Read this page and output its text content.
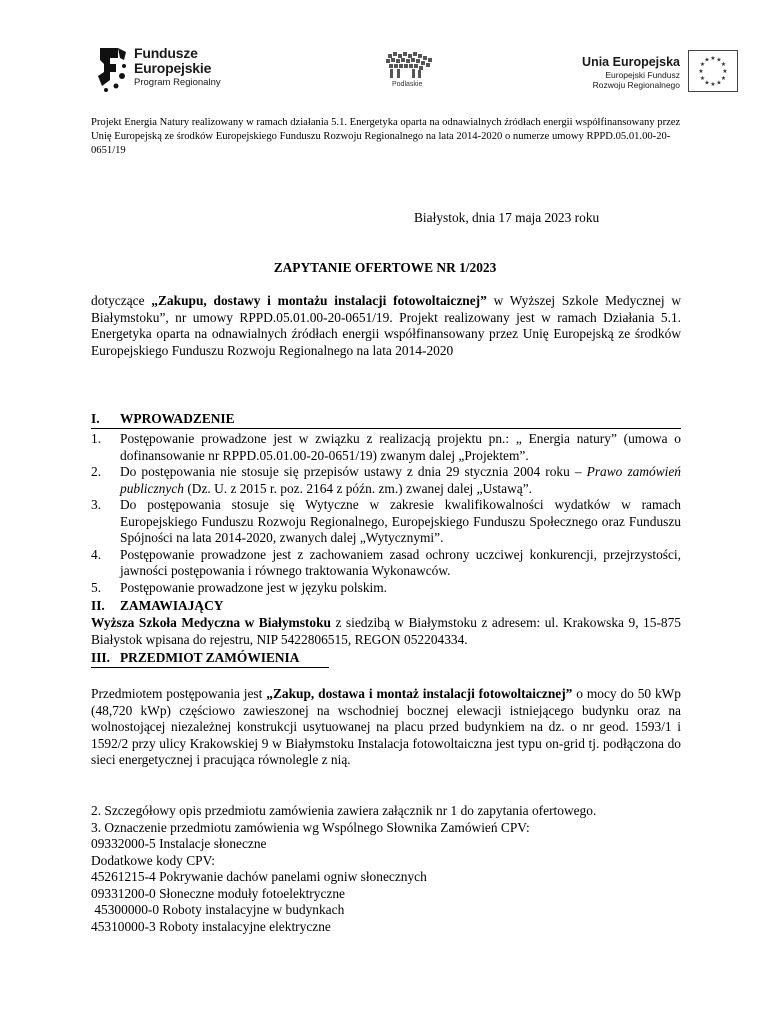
Fundusze
Europejskie
Program Regionalny	Podlaskie
Unia Europejska
Europejski Fundusz
Rozwoju Regionalnego
★ ★
★
★
★
★
★
★
★
★
★
★
Projekt Energia Natury realizowany w ramach działania 5.1. Energetyka oparta na odnawialnych źródłach energii współfinansowany przez Unię Europejską ze środków Europejskiego Funduszu Rozwoju Regionalnego na lata 2014-2020 o numerze umowy RPPD.05.01.00-20-0651/19
Białystok, dnia 17 maja 2023 roku
ZAPYTANIE OFERTOWE NR 1/2023
dotyczące „Zakupu, dostawy i montażu instalacji fotowoltaicznej” w Wyższej Szkole Medycznej w Białymstoku”, nr umowy RPPD.05.01.00-20-0651/19. Projekt realizowany jest w ramach Działania 5.1. Energetyka oparta na odnawialnych źródłach energii współfinansowany przez Unię Europejską ze środków Europejskiego Funduszu Rozwoju Regionalnego na lata 2014-2020
I. WPROWADZENIE
1. Postępowanie prowadzone jest w związku z realizacją projektu pn.: „ Energia natury” (umowa o dofinansowanie nr RPPD.05.01.00-20-0651/19) zwanym dalej „Projektem”.
2. Do postępowania nie stosuje się przepisów ustawy z dnia 29 stycznia 2004 roku – Prawo zamówień publicznych (Dz. U. z 2015 r. poz. 2164 z późn. zm.) zwanej dalej „Ustawą”.
3. Do postępowania stosuje się Wytyczne w zakresie kwalifikowalności wydatków w ramach Europejskiego Funduszu Rozwoju Regionalnego, Europejskiego Funduszu Społecznego oraz Funduszu Spójności na lata 2014-2020, zwanych dalej „Wytycznymi”.
4. Postępowanie prowadzone jest z zachowaniem zasad ochrony uczciwej konkurencji, przejrzystości, jawności postępowania i równego traktowania Wykonawców.
5. Postępowanie prowadzone jest w języku polskim.
II. ZAMAWIAJĄCY
Wyższa Szkoła Medyczna w Białymstoku z siedzibą w Białymstoku z adresem: ul. Krakowska 9, 15-875 Białystok wpisana do rejestru, NIP 5422806515, REGON 052204334.
III. PRZEDMIOT ZAMÓWIENIA
Przedmiotem postępowania jest „Zakup, dostawa i montaż instalacji fotowoltaicznej” o mocy do 50 kWp (48,720 kWp) częściowo zawieszonej na wschodniej bocznej elewacji istniejącego budynku oraz na wolnostojącej niezależnej konstrukcji usytuowanej na placu przed budynkiem na dz. o nr geod. 1593/1 i 1592/2 przy ulicy Krakowskiej 9 w Białymstoku Instalacja fotowoltaiczna jest typu on-grid tj. podłączona do sieci energetycznej i pracująca równolegle z nią.
2. Szczegółowy opis przedmiotu zamówienia zawiera załącznik nr 1 do zapytania ofertowego.
3. Oznaczenie przedmiotu zamówienia wg Wspólnego Słownika Zamówień CPV:
09332000-5 Instalacje słoneczne
Dodatkowe kody CPV:
45261215-4 Pokrywanie dachów panelami ogniw słonecznych
09331200-0 Słoneczne moduły fotoelektryczne
45300000-0 Roboty instalacyjne w budynkach
45310000-3 Roboty instalacyjne elektryczne
